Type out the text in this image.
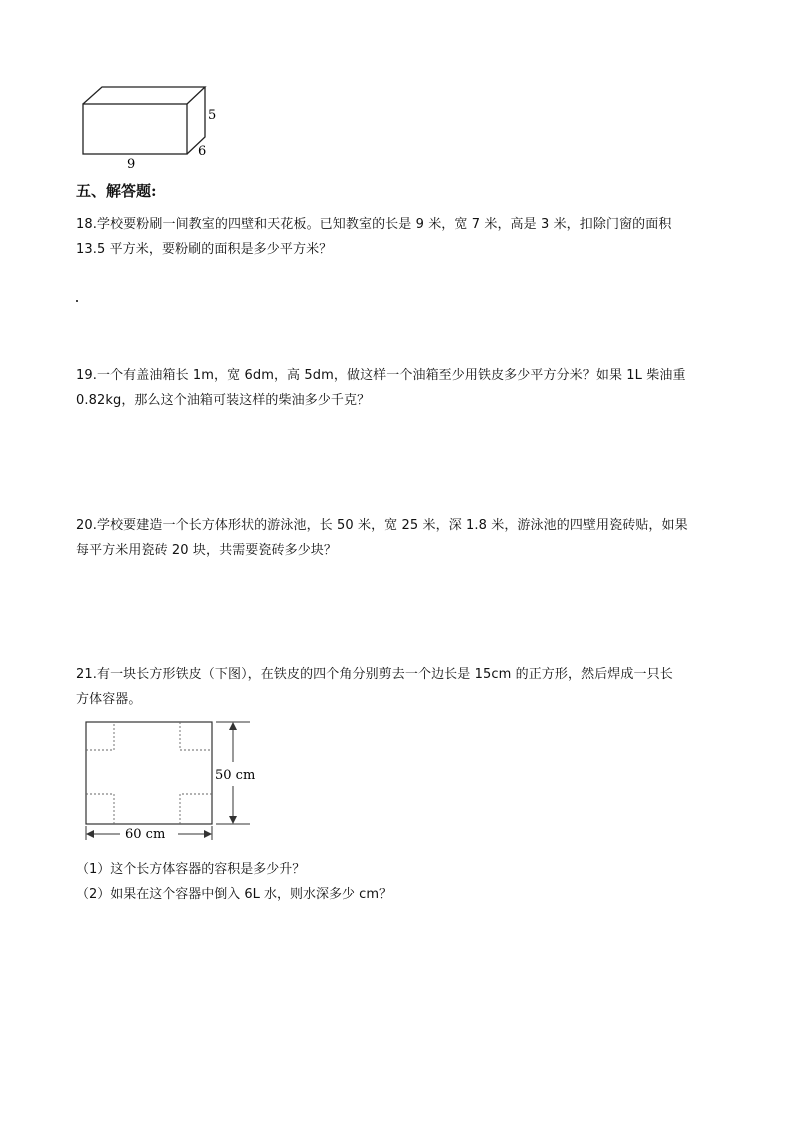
5
6
9
五、解答题:
18.学校要粉刷一间教室的四壁和天花板。已知教室的长是 9 米，宽 7 米，高是 3 米，扣除门窗的面积
13.5 平方米，要粉刷的面积是多少平方米？
19.一个有盖油箱长 1m，宽 6dm，高 5dm，做这样一个油箱至少用铁皮多少平方分米？如果 1L 柴油重
0.82kg，那么这个油箱可装这样的柴油多少千克？
20.学校要建造一个长方体形状的游泳池，长 50 米，宽 25 米，深 1.8 米，游泳池的四壁用瓷砖贴，如果
每平方米用瓷砖 20 块，共需要瓷砖多少块？
21.有一块长方形铁皮（下图），在铁皮的四个角分别剪去一个边长是 15cm 的正方形，然后焊成一只长
方体容器。
50 cm
60 cm
（1）这个长方体容器的容积是多少升？
（2）如果在这个容器中倒入 6L 水，则水深多少 cm？
